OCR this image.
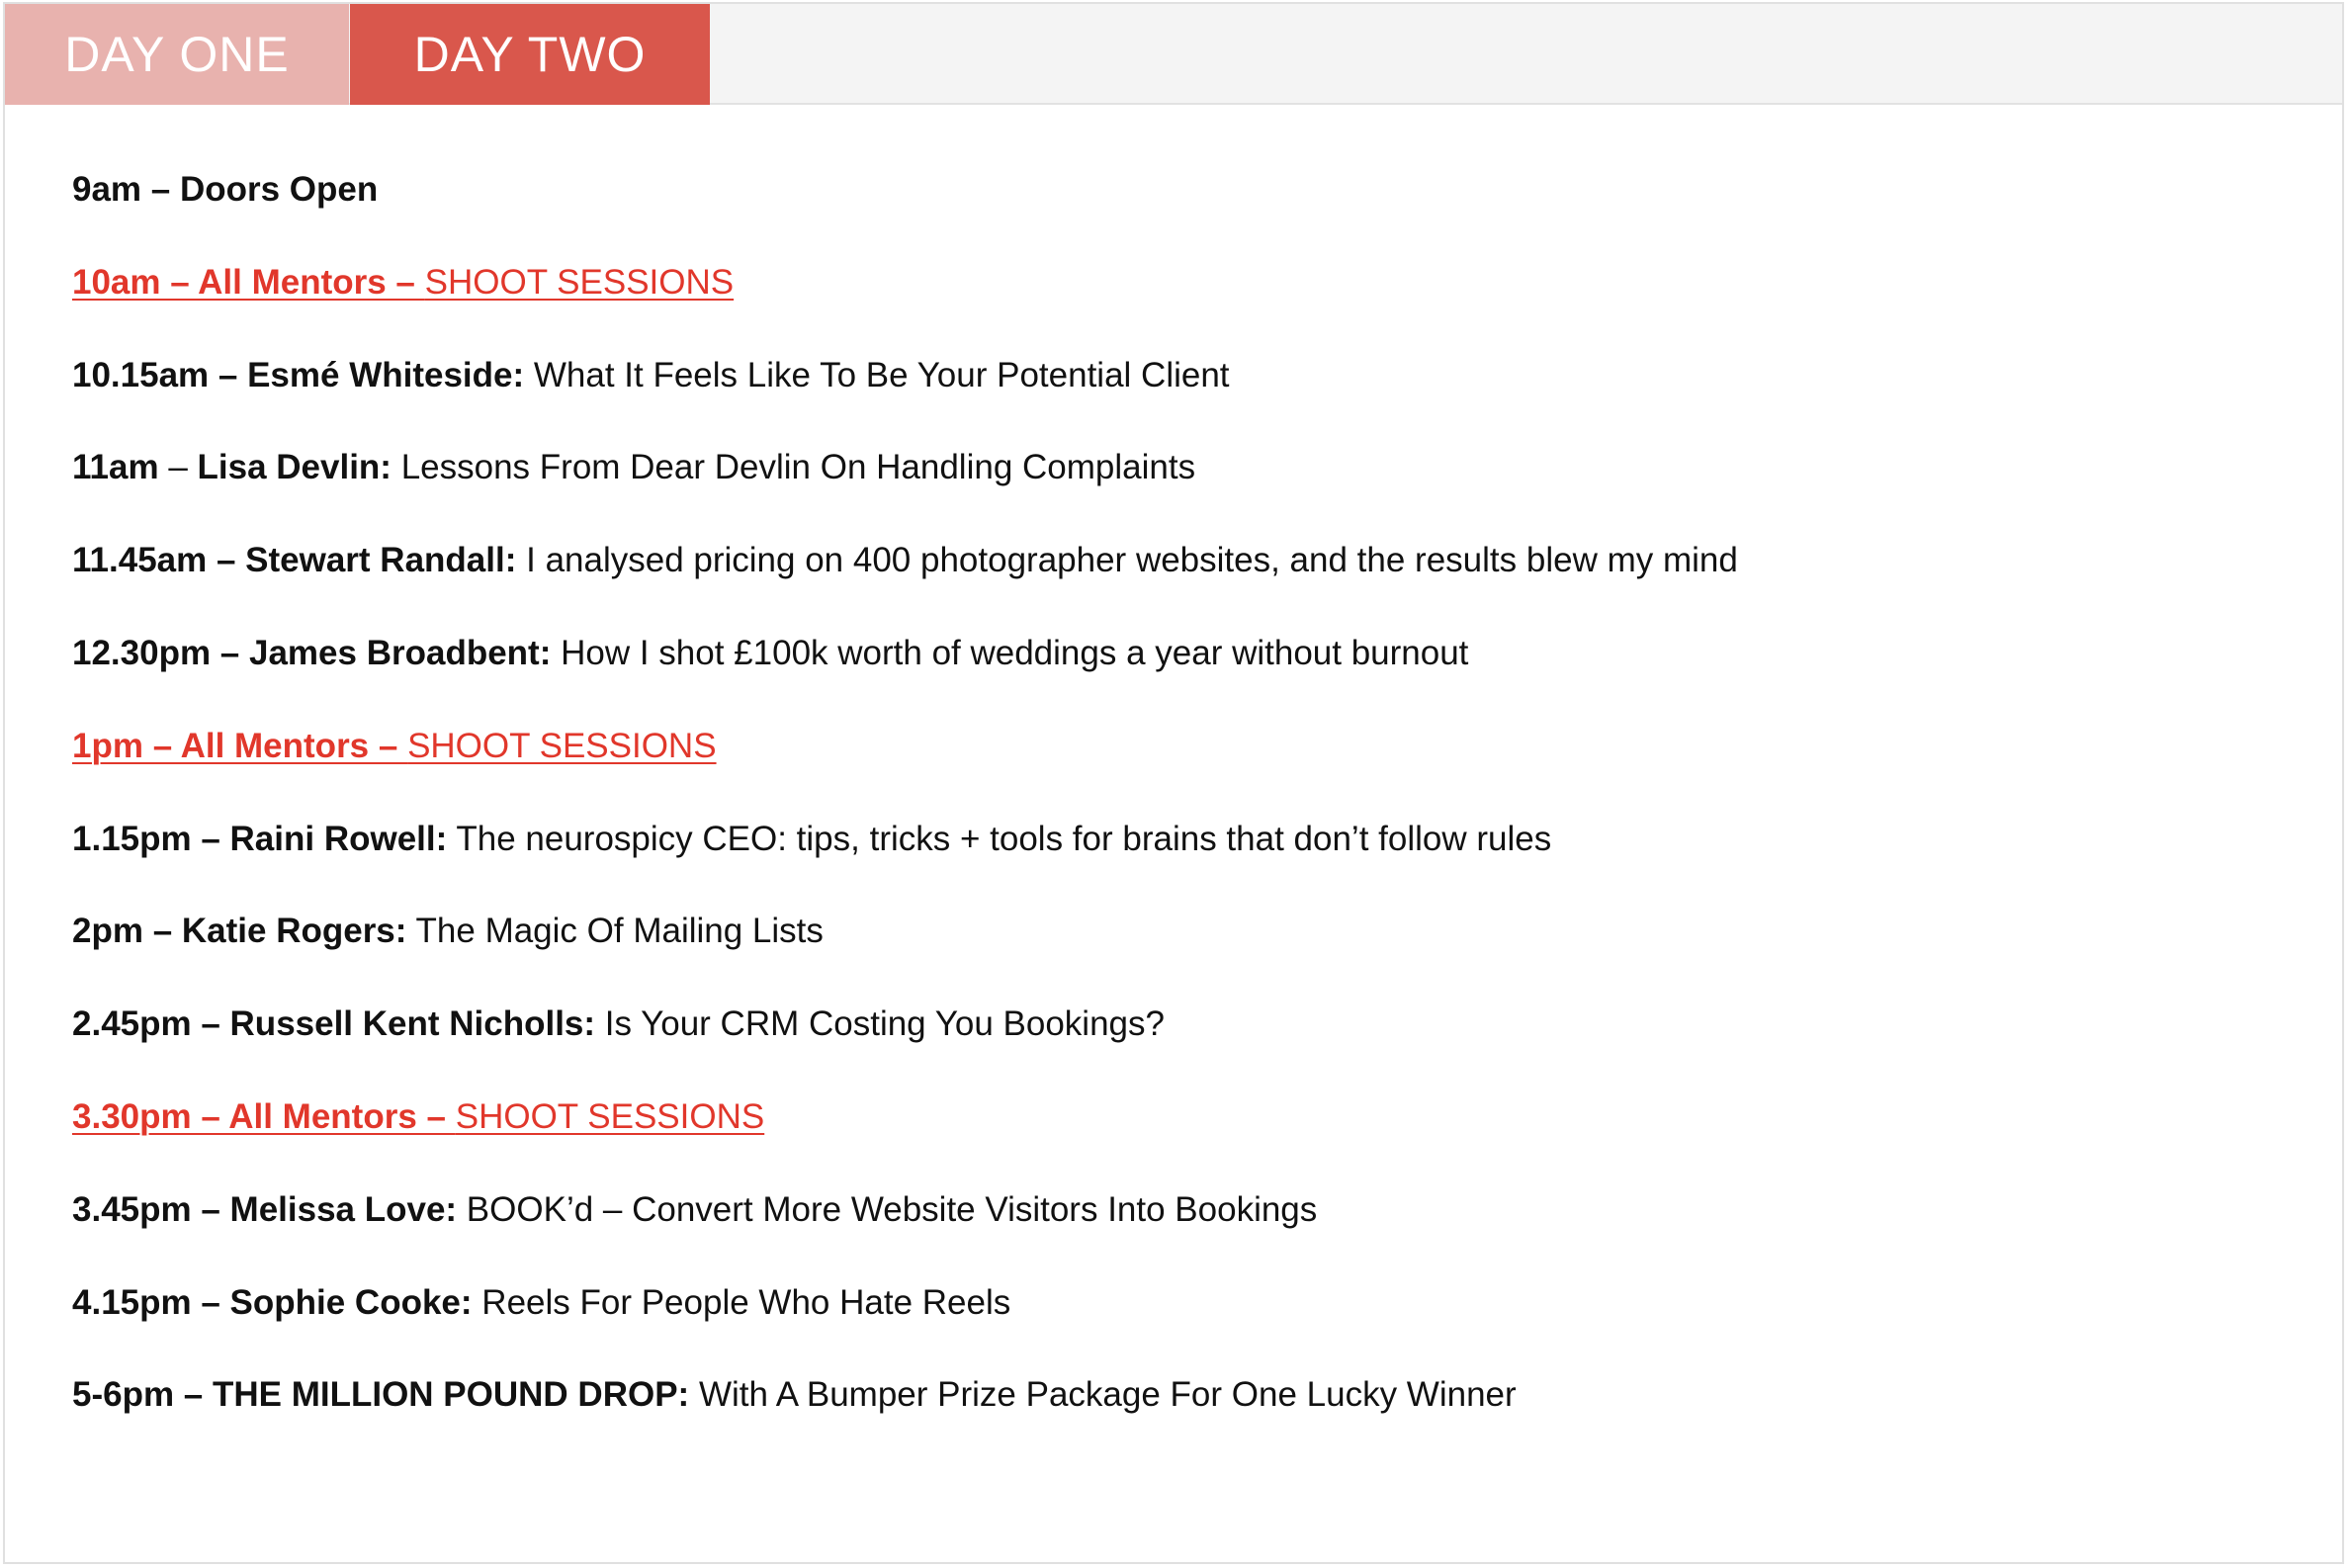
DAY ONE	DAY TWO
9am – Doors Open
10am – All Mentors – SHOOT SESSIONS
10.15am – Esmé Whiteside: What It Feels Like To Be Your Potential Client
11am – Lisa Devlin: Lessons From Dear Devlin On Handling Complaints
11.45am – Stewart Randall: I analysed pricing on 400 photographer websites, and the results blew my mind
12.30pm – James Broadbent: How I shot £100k worth of weddings a year without burnout
1pm – All Mentors – SHOOT SESSIONS
1.15pm – Raini Rowell: The neurospicy CEO: tips, tricks + tools for brains that don’t follow rules
2pm – Katie Rogers: The Magic Of Mailing Lists
2.45pm – Russell Kent Nicholls: Is Your CRM Costing You Bookings?
3.30pm – All Mentors – SHOOT SESSIONS
3.45pm – Melissa Love: BOOK’d – Convert More Website Visitors Into Bookings
4.15pm – Sophie Cooke: Reels For People Who Hate Reels
5-6pm – THE MILLION POUND DROP: With A Bumper Prize Package For One Lucky Winner
